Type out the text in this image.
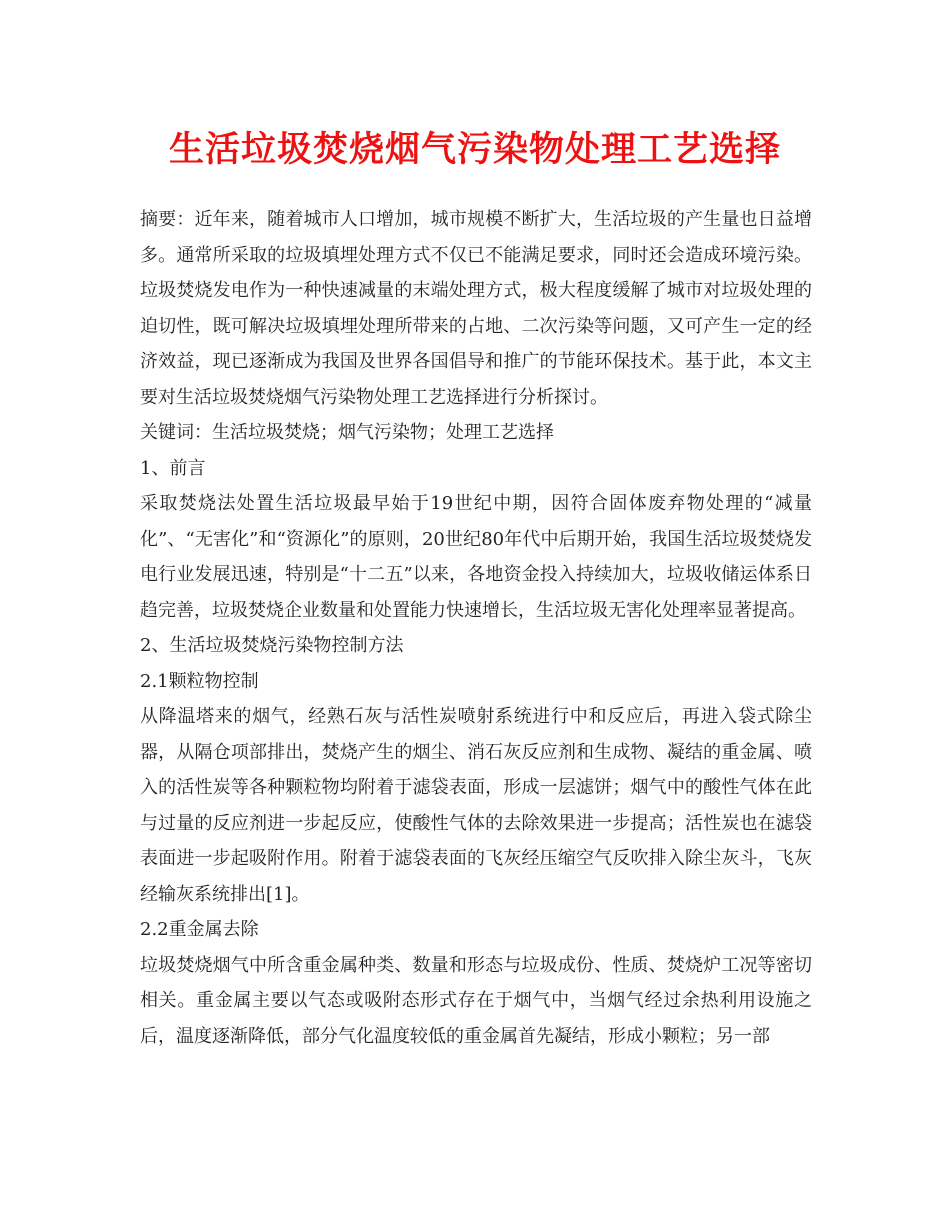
生活垃圾焚烧烟气污染物处理工艺选择

摘要：近年来，随着城市人口增加，城市规模不断扩大，生活垃圾的产生量也日益增多。通常所采取的垃圾填埋处理方式不仅已不能满足要求，同时还会造成环境污染。垃圾焚烧发电作为一种快速减量的末端处理方式，极大程度缓解了城市对垃圾处理的迫切性，既可解决垃圾填埋处理所带来的占地、二次污染等问题，又可产生一定的经济效益，现已逐渐成为我国及世界各国倡导和推广的节能环保技术。基于此，本文主要对生活垃圾焚烧烟气污染物处理工艺选择进行分析探讨。

关键词：生活垃圾焚烧；烟气污染物；处理工艺选择

1、前言

采取焚烧法处置生活垃圾最早始于19世纪中期，因符合固体废弃物处理的“减量化”、“无害化”和“资源化”的原则，20世纪80年代中后期开始，我国生活垃圾焚烧发电行业发展迅速，特别是“十二五”以来，各地资金投入持续加大，垃圾收储运体系日趋完善，垃圾焚烧企业数量和处置能力快速增长，生活垃圾无害化处理率显著提高。

2、生活垃圾焚烧污染物控制方法

2.1颗粒物控制

从降温塔来的烟气，经熟石灰与活性炭喷射系统进行中和反应后，再进入袋式除尘器，从隔仓项部排出，焚烧产生的烟尘、消石灰反应剂和生成物、凝结的重金属、喷入的活性炭等各种颗粒物均附着于滤袋表面，形成一层滤饼；烟气中的酸性气体在此与过量的反应剂进一步起反应，使酸性气体的去除效果进一步提高；活性炭也在滤袋表面进一步起吸附作用。附着于滤袋表面的飞灰经压缩空气反吹排入除尘灰斗，飞灰经输灰系统排出[1]。

2.2重金属去除

垃圾焚烧烟气中所含重金属种类、数量和形态与垃圾成份、性质、焚烧炉工况等密切相关。重金属主要以气态或吸附态形式存在于烟气中，当烟气经过余热利用设施之后，温度逐渐降低，部分气化温度较低的重金属首先凝结，形成小颗粒；另一部
